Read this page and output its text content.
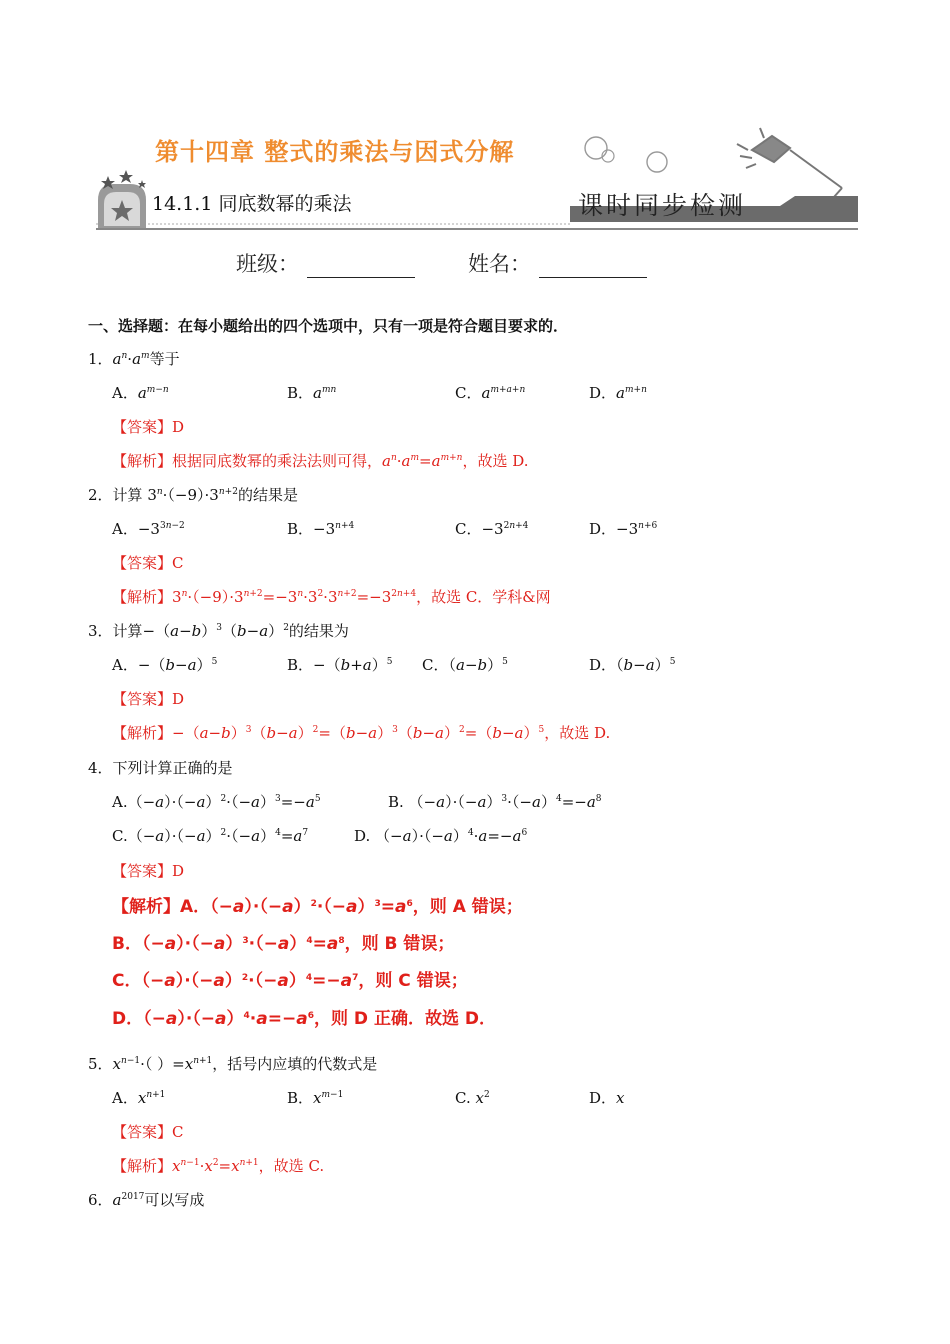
第十四章 整式的乘法与因式分解
14.1.1 同底数幂的乘法	课时同步检测
班级：	姓名：
一、选择题：在每小题给出的四个选项中，只有一项是符合题目要求的．
1．$a^n\cdot a^m$等于
A．$a^{m-n}$	B．$a^{mn}$	C．$a^{m+a+n}$	D．$a^{m+n}$
【答案】D
【解析】根据同底数幂的乘法法则可得，$a^n\cdot a^m=a^{m+n}$，故选 D.
2．计算 $3^n\cdot(-9)\cdot 3^{n+2}$的结果是
A．$-3^{3n-2}$	B．$-3^{n+4}$	C．$-3^{2n+4}$	D．$-3^{n+6}$
【答案】C
【解析】$3^n\cdot(-9)\cdot 3^{n+2}=-3^n\cdot 3^2\cdot 3^{n+2}=-3^{2n+4}$，故选 C．学科&网
3．计算$-(a-b)^3(b-a)^2$的结果为
A．$-(b-a)^5$	B．$-(b+a)^5$ C．$(a-b)^5$	D．$(b-a)^5$
【答案】D
【解析】$-(a-b)^3(b-a)^2=(b-a)^3(b-a)^2=(b-a)^5$，故选 D.
4．下列计算正确的是
$A.(-a)\cdot(-a)^2\cdot(-a)^3=-a^5$	B. $(-a)\cdot(-a)^3\cdot(-a)^4=-a^8$
$C.(-a)\cdot(-a)^2\cdot(-a)^4=a^7$	D. $(-a)\cdot(-a)^4\cdot a=-a^6$
【答案】D
【解析】A．$(-a)\cdot(-a)^2\cdot(-a)^3=a^6$，则 A 错误；
B．$(-a)\cdot(-a)^3\cdot(-a)^4=a^8$，则 B 错误；
C．$(-a)\cdot(-a)^2\cdot(-a)^4=-a^7$，则 C 错误；
D．$(-a)\cdot(-a)^4\cdot a=-a^6$，则 D 正确．故选 D．
5．$x^{n-1}\cdot$（ ）$=x^{n+1}$，括号内应填的代数式是
A．$x^{n+1}$	B．$x^{m-1}$	C. $x^2$	D．x
【答案】C
【解析】$x^{n-1}\cdot x^2=x^{n+1}$，故选 C.
6．$a^{2017}$可以写成
